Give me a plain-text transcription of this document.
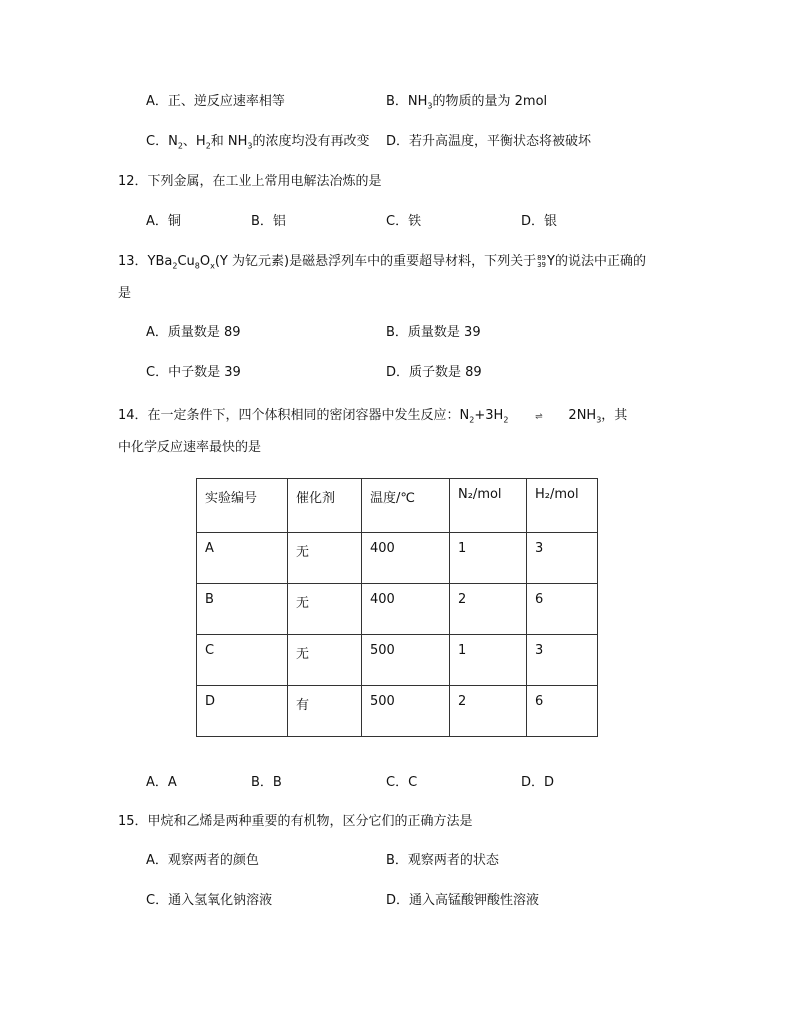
A．正、逆反应速率相等	B．$NH_3$的物质的量为 2mol
C．$N_2$、$H_2$和 $NH_3$的浓度均没有再改变 D．若升高温度，平衡状态将被破坏
12．下列金属，在工业上常用电解法冶炼的是
A．铜	B．铝	C．铁	D．银
13．$YBa_2Cu_8O_x(Y$ 为钇元素)是磁悬浮列车中的重要超导材料，下列关于89
39Y的说法中正确的
是
A．质量数是 89	B．质量数是 39
C．中子数是 39	D．质子数是 89
14．在一定条件下，四个体积相同的密闭容器中发生反应：$N_2+3H_2$	⇌ $2NH_3$，其
中化学反应速率最快的是
实验编号	催化剂	温度/℃	N₂/mol	H₂/mol
A	无	400	1	3
B	无	400	2	6
C	无	500	1	3
D	有	500	2	6
A．A	B．B	C．C	D．D
15．甲烷和乙烯是两种重要的有机物，区分它们的正确方法是
A．观察两者的颜色	B．观察两者的状态
C．通入氢氧化钠溶液	D．通入高锰酸钾酸性溶液
